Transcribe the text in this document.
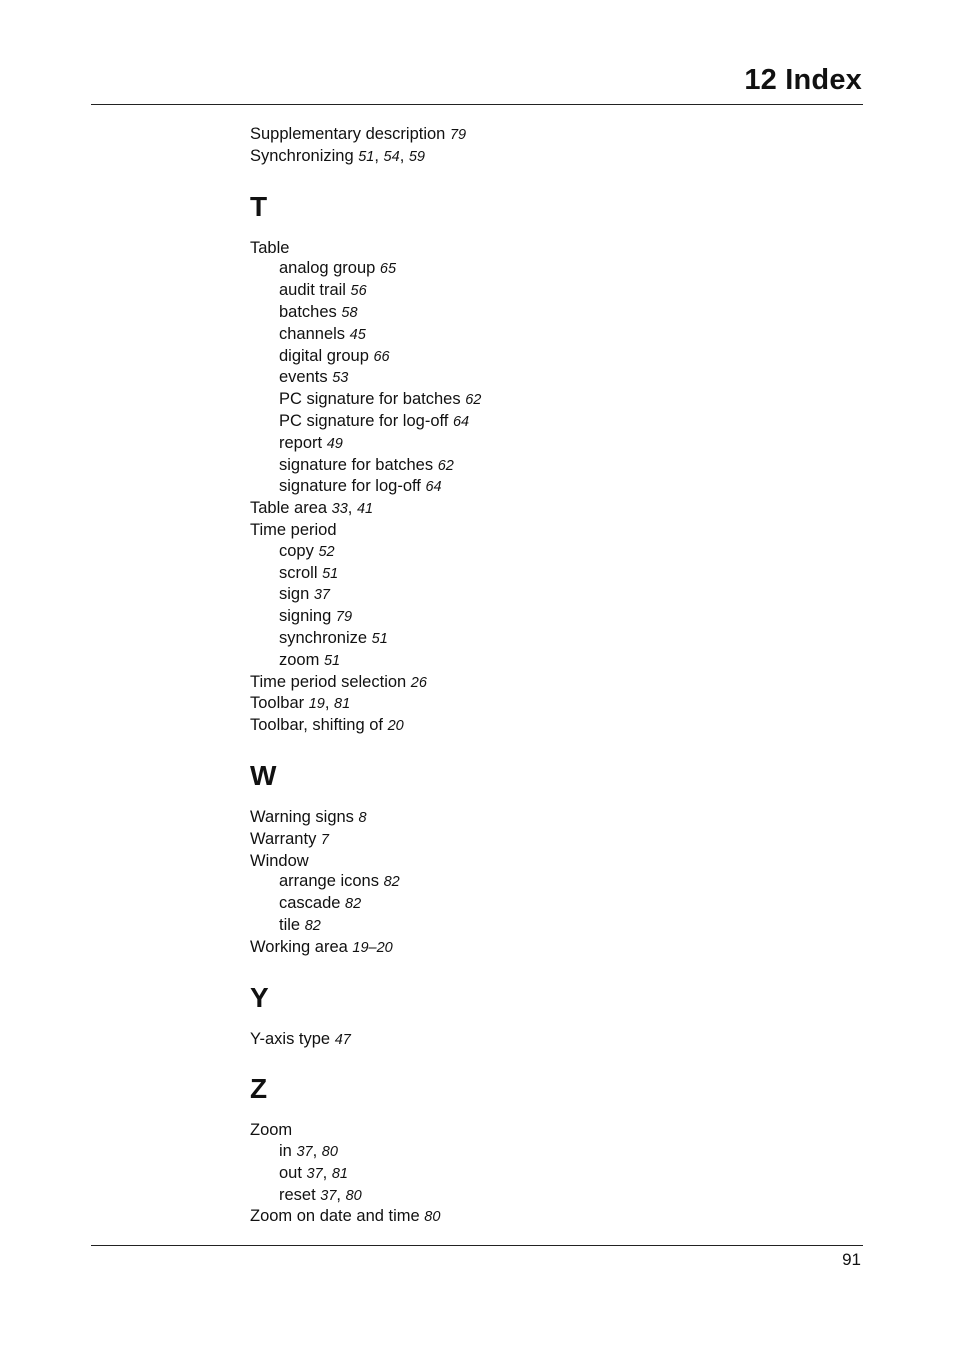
12 Index
Supplementary description 79
Synchronizing 51, 54, 59
T
Table
analog group 65
audit trail 56
batches 58
channels 45
digital group 66
events 53
PC signature for batches 62
PC signature for log-off 64
report 49
signature for batches 62
signature for log-off 64
Table area 33, 41
Time period
copy 52
scroll 51
sign 37
signing 79
synchronize 51
zoom 51
Time period selection 26
Toolbar 19, 81
Toolbar, shifting of 20
W
Warning signs 8
Warranty 7
Window
arrange icons 82
cascade 82
tile 82
Working area 19–20
Y
Y-axis type 47
Z
Zoom
in 37, 80
out 37, 81
reset 37, 80
Zoom on date and time 80
91
